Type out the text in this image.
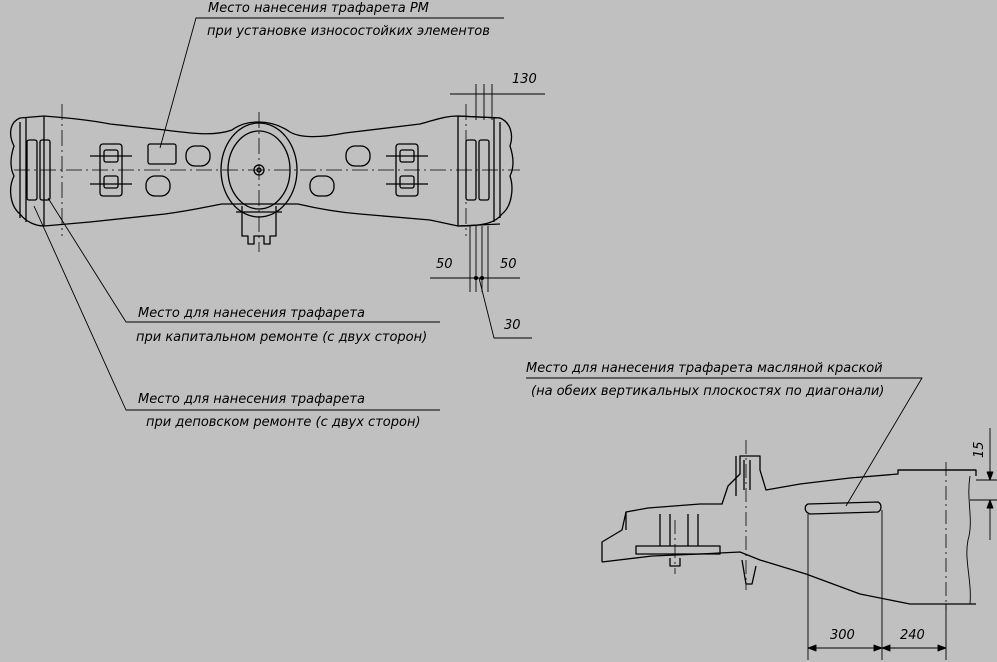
Место нанесения трафарета РМ
при установке износостойких элементов
Место для нанесения трафарета
при капитальном ремонте (с двух сторон)
Место для нанесения трафарета
при деповском ремонте (с двух сторон)
Место для нанесения трафарета масляной краской
(на обеих вертикальных плоскостях по диагонали)
130
50	50
30
15
300	240
